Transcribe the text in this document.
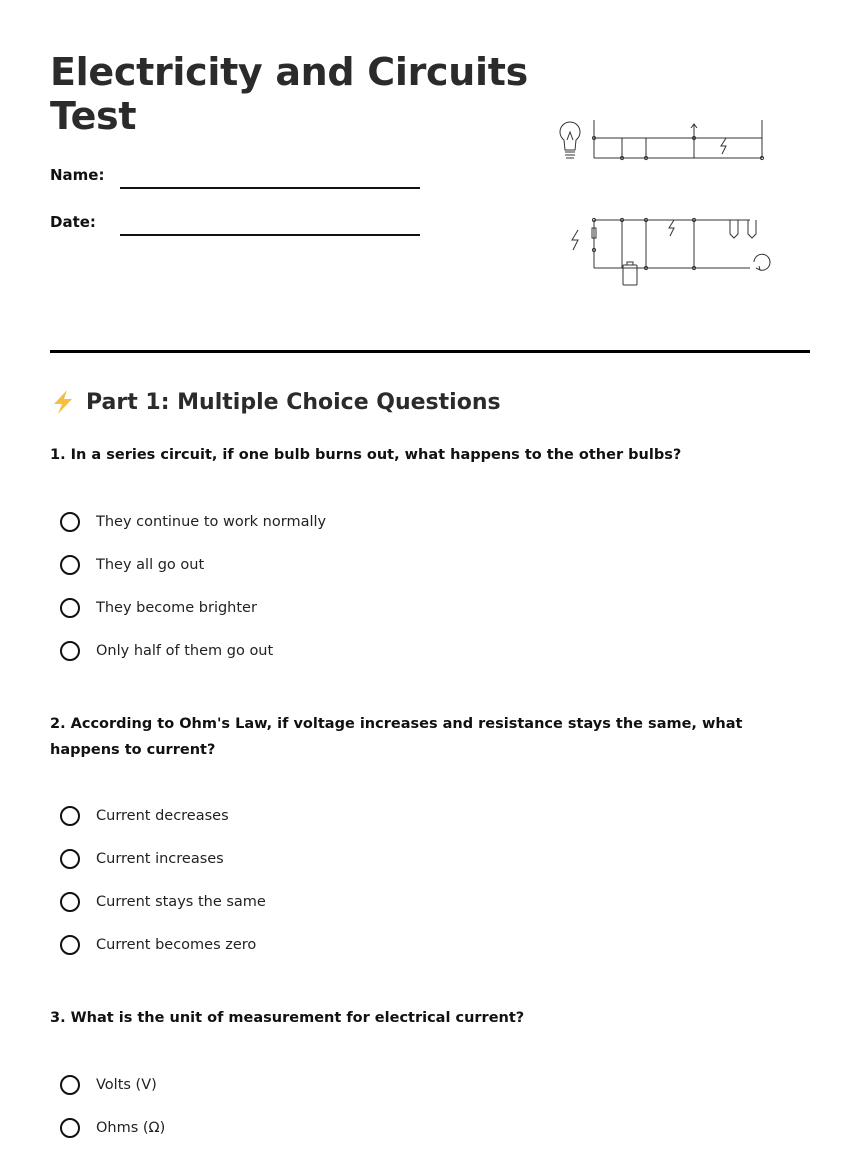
Electricity and Circuits Test
Name:
Date:
Part 1: Multiple Choice Questions
1. In a series circuit, if one bulb burns out, what happens to the other bulbs?
They continue to work normally
They all go out
They become brighter
Only half of them go out
2. According to Ohm's Law, if voltage increases and resistance stays the same, what happens to current?
Current decreases
Current increases
Current stays the same
Current becomes zero
3. What is the unit of measurement for electrical current?
Volts (V)
Ohms (Ω)
